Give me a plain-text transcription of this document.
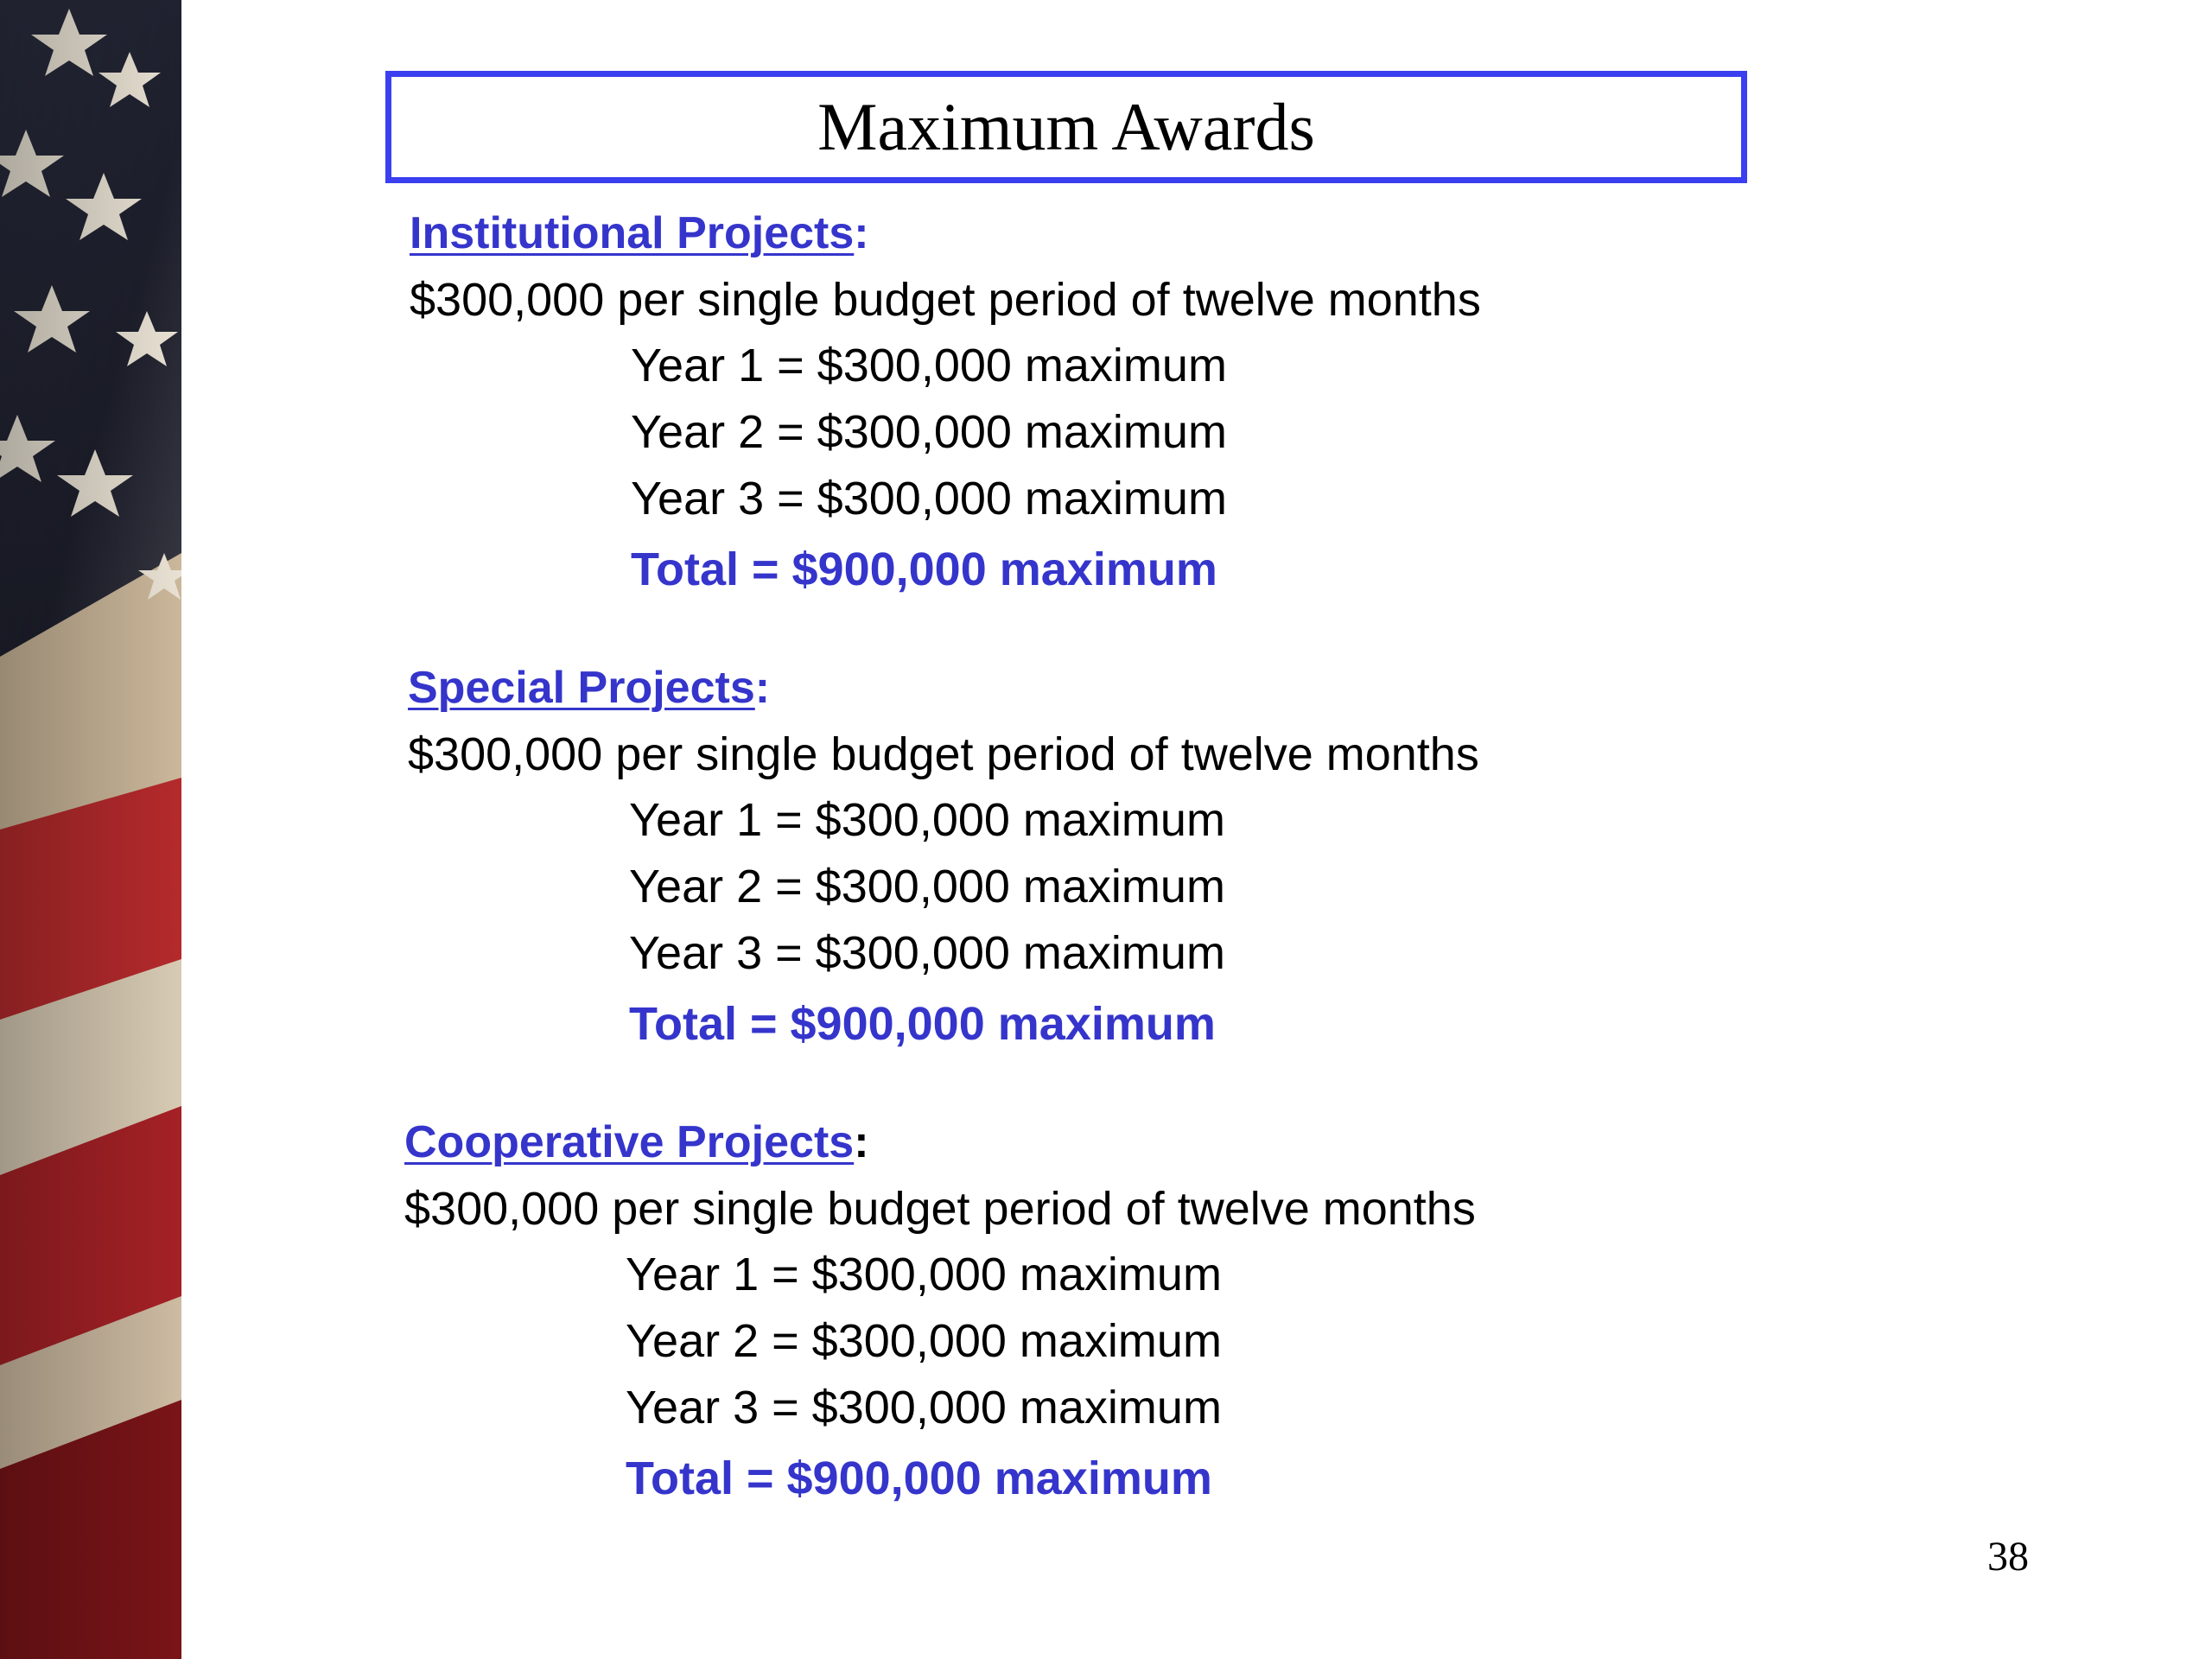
Maximum Awards
Institutional Projects:
$300,000 per single budget period of twelve months
Year 1 = $300,000 maximum
Year 2 = $300,000 maximum
Year 3 = $300,000 maximum
Total = $900,000 maximum
Special Projects:
$300,000 per single budget period of twelve months
Year 1 = $300,000 maximum
Year 2 = $300,000 maximum
Year 3 = $300,000 maximum
Total = $900,000 maximum
Cooperative Projects:
$300,000 per single budget period of twelve months
Year 1 = $300,000 maximum
Year 2 = $300,000 maximum
Year 3 = $300,000 maximum
Total = $900,000 maximum
38
